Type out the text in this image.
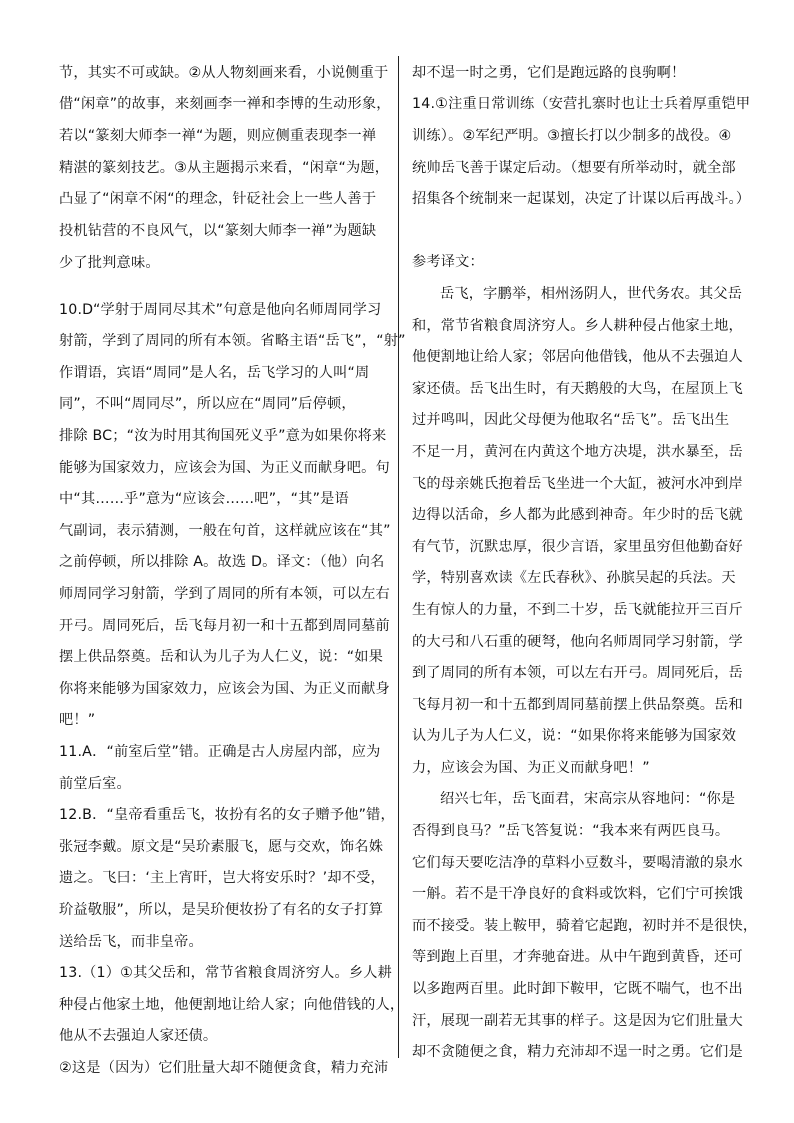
节，其实不可或缺。②从人物刻画来看，小说侧重于
借“闲章”的故事，来刻画李一禅和李博的生动形象，
若以“篆刻大师李一禅“为题，则应侧重表现李一禅
精湛的篆刻技艺。③从主题揭示来看，“闲章“为题，
凸显了“闲章不闲“的理念，针砭社会上一些人善于
投机钻营的不良风气，以“篆刻大师李一禅”为题缺
少了批判意味。
10.D“学射于周同尽其术”句意是他向名师周同学习
射箭，学到了周同的所有本领。省略主语“岳飞”，“射”
作谓语，宾语“周同”是人名，岳飞学习的人叫“周
同”，不叫“周同尽”，所以应在“周同”后停顿，
排除 BC；“汝为时用其徇国死义乎”意为如果你将来
能够为国家效力，应该会为国、为正义而献身吧。句
中“其……乎”意为“应该会……吧”，“其”是语
气副词，表示猜测，一般在句首，这样就应该在“其”
之前停顿，所以排除 A。故选 D。译文：（他）向名
师周同学习射箭，学到了周同的所有本领，可以左右
开弓。周同死后，岳飞每月初一和十五都到周同墓前
摆上供品祭奠。岳和认为儿子为人仁义，说：“如果
你将来能够为国家效力，应该会为国、为正义而献身
吧！”
11.A．“前室后堂”错。正确是古人房屋内部，应为
前堂后室。
12.B．“皇帝看重岳飞，妆扮有名的女子赠予他”错，
张冠李戴。原文是“吴玠素服飞，愿与交欢，饰名姝
遗之。飞曰：‘主上宵旰，岂大将安乐时？’却不受，
玠益敬服”，所以，是吴玠便妆扮了有名的女子打算
送给岳飞，而非皇帝。
13.（1）①其父岳和，常节省粮食周济穷人。乡人耕
种侵占他家土地，他便割地让给人家；向他借钱的人，
他从不去强迫人家还债。
②这是（因为）它们肚量大却不随便贪食，精力充沛
却不逞一时之勇，它们是跑远路的良驹啊！
14.①注重日常训练（安营扎寨时也让士兵着厚重铠甲
训练）。②军纪严明。③擅长打以少制多的战役。④
统帅岳飞善于谋定后动。（想要有所举动时，就全部
招集各个统制来一起谋划，决定了计谋以后再战斗。）
参考译文：
岳飞，字鹏举，相州汤阴人，世代务农。其父岳
和，常节省粮食周济穷人。乡人耕种侵占他家土地，
他便割地让给人家；邻居向他借钱，他从不去强迫人
家还债。岳飞出生时，有天鹅般的大鸟，在屋顶上飞
过并鸣叫，因此父母便为他取名“岳飞”。岳飞出生
不足一月，黄河在内黄这个地方决堤，洪水暴至，岳
飞的母亲姚氏抱着岳飞坐进一个大缸，被河水冲到岸
边得以活命，乡人都为此感到神奇。年少时的岳飞就
有气节，沉默忠厚，很少言语，家里虽穷但他勤奋好
学，特别喜欢读《左氏春秋》、孙膑吴起的兵法。天
生有惊人的力量，不到二十岁，岳飞就能拉开三百斤
的大弓和八石重的硬弩，他向名师周同学习射箭，学
到了周同的所有本领，可以左右开弓。周同死后，岳
飞每月初一和十五都到周同墓前摆上供品祭奠。岳和
认为儿子为人仁义，说：“如果你将来能够为国家效
力，应该会为国、为正义而献身吧！”
绍兴七年，岳飞面君，宋高宗从容地问：“你是
否得到良马？”岳飞答复说：“我本来有两匹良马。
它们每天要吃洁净的草料小豆数斗，要喝清澈的泉水
一斛。若不是干净良好的食料或饮料，它们宁可挨饿
而不接受。装上鞍甲，骑着它起跑，初时并不是很快，
等到跑上百里，才奔驰奋进。从中午跑到黄昏，还可
以多跑两百里。此时卸下鞍甲，它既不喘气，也不出
汗，展现一副若无其事的样子。这是因为它们肚量大
却不贪随便之食，精力充沛却不逞一时之勇。它们是
